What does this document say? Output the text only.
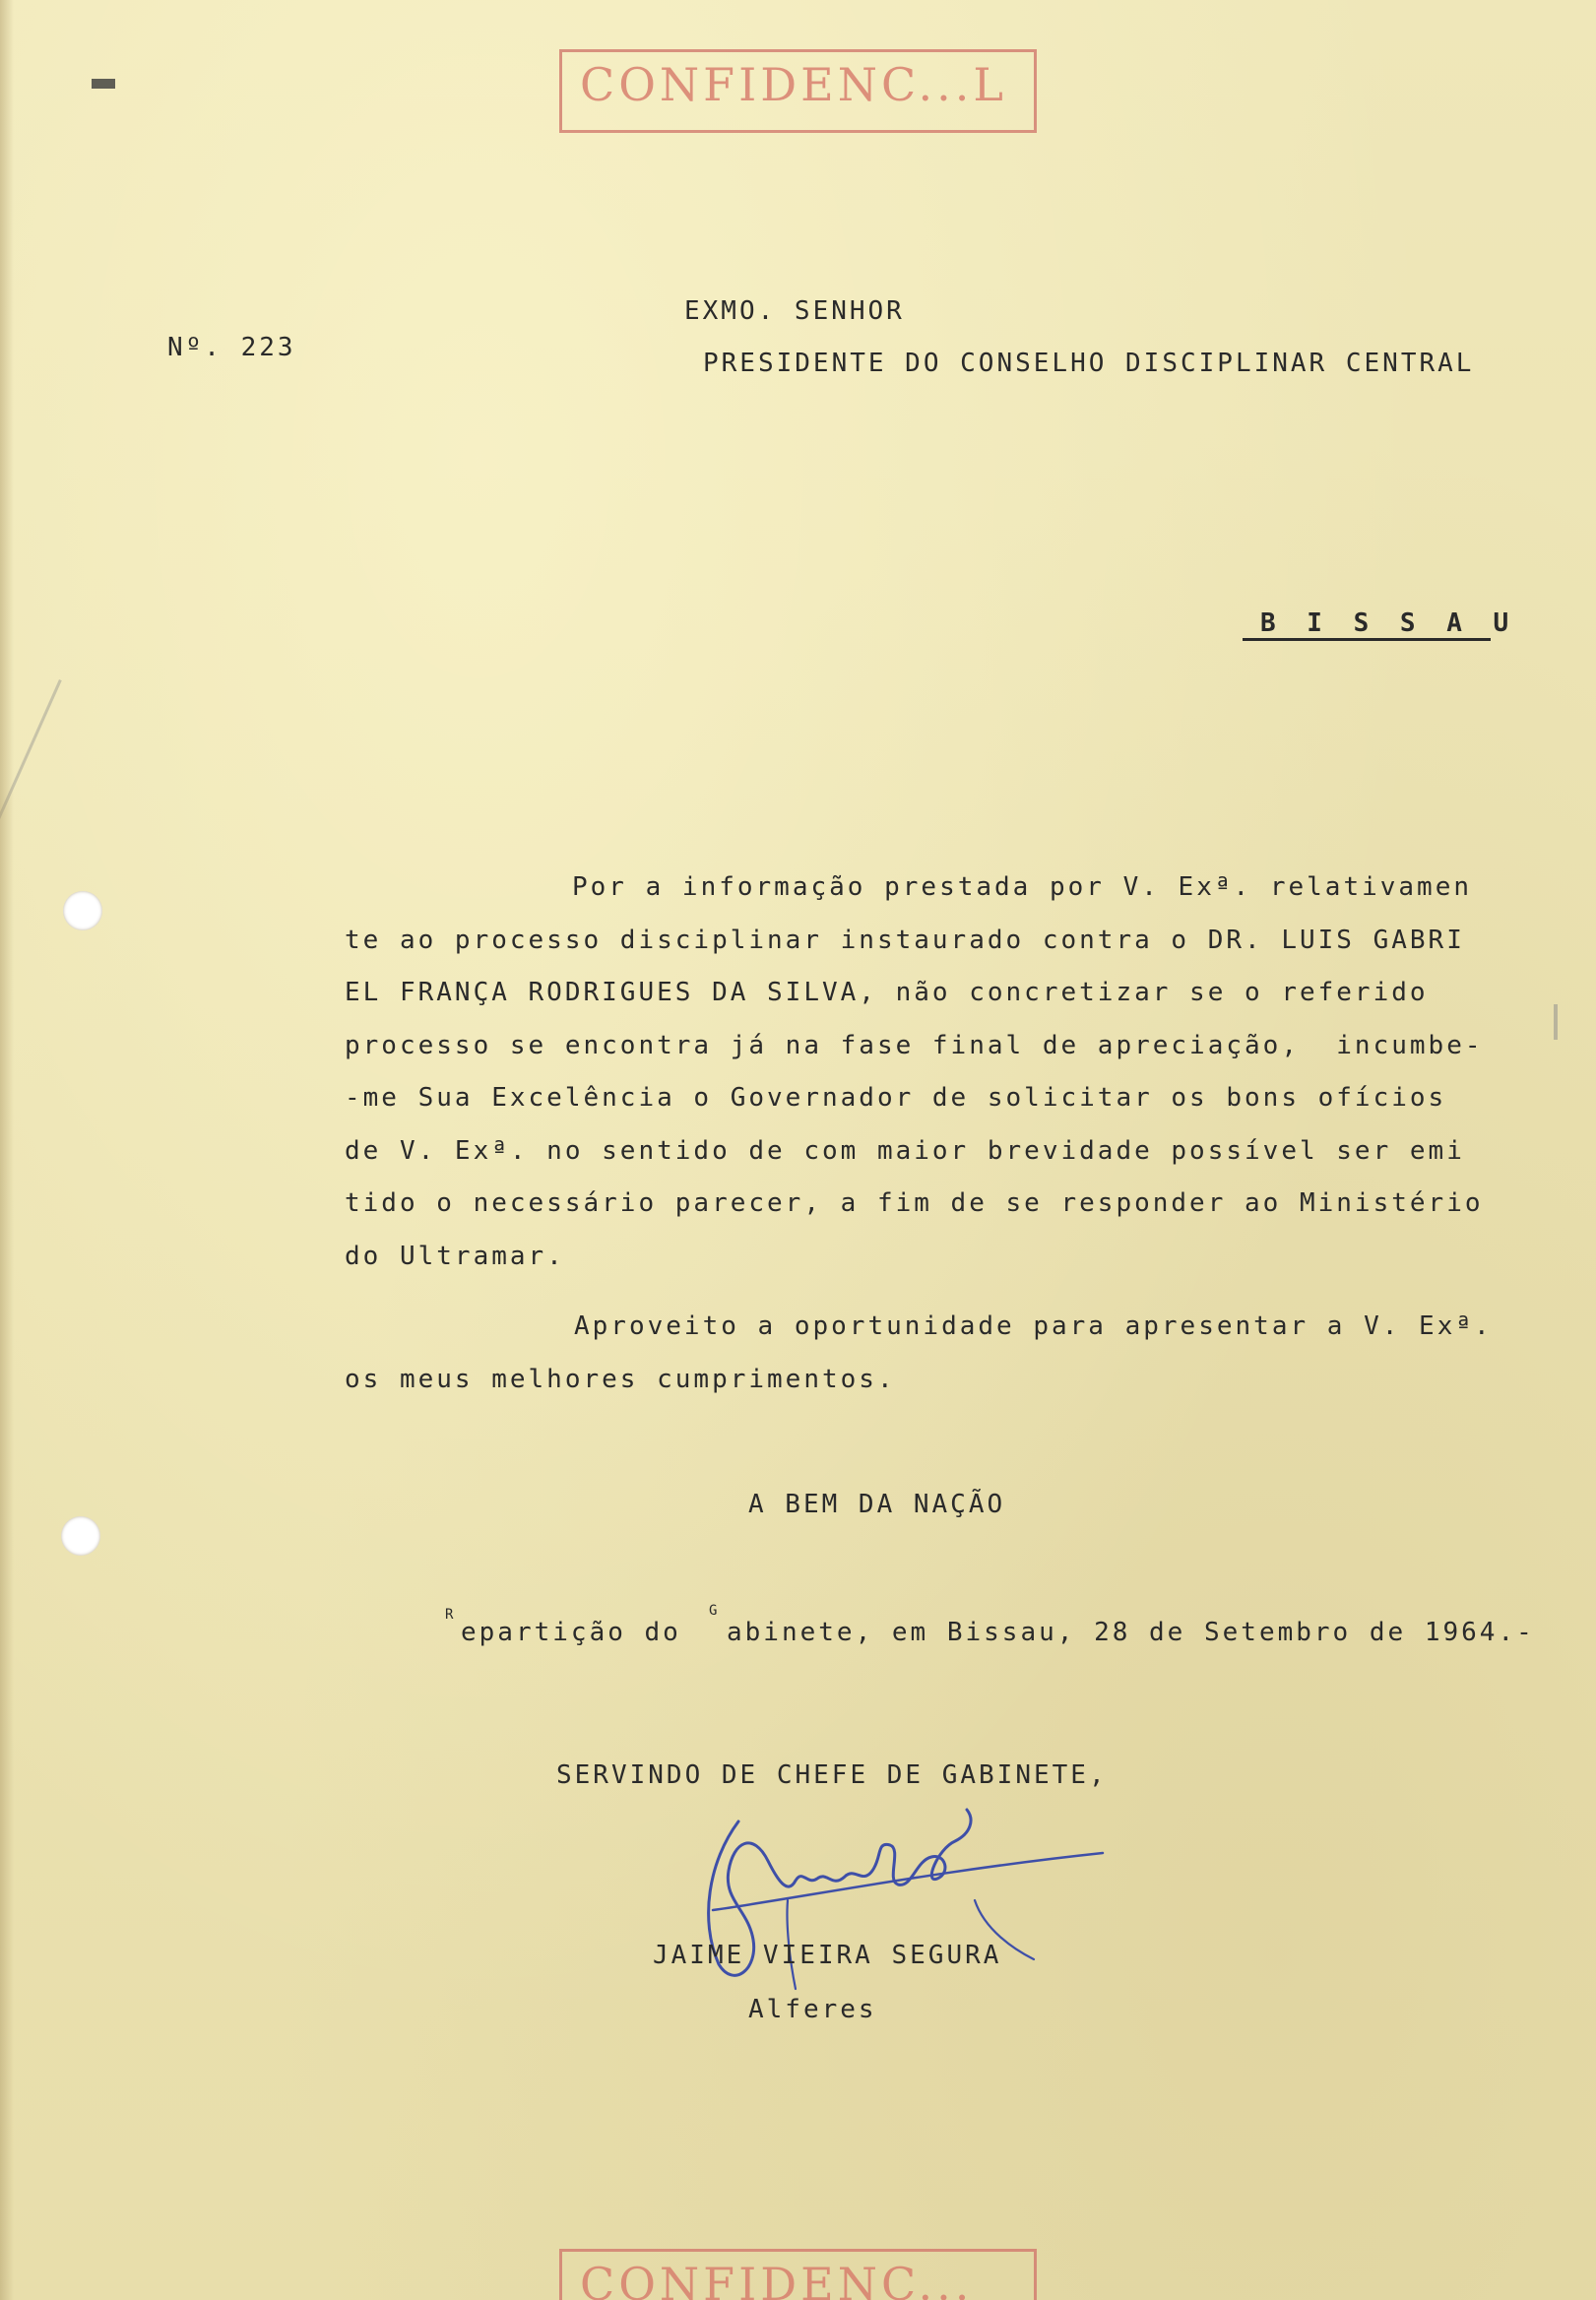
CONFIDENC...L
Nº. 223
EXMO. SENHOR
PRESIDENTE DO CONSELHO DISCIPLINAR CENTRAL
B I S S A U
Por a informação prestada por V. Exª. relativamen
te ao processo disciplinar instaurado contra o DR. LUIS GABRI
EL FRANÇA RODRIGUES DA SILVA, não concretizar se o referido
processo se encontra já na fase final de apreciação,  incumbe-
-me Sua Excelência o Governador de solicitar os bons ofícios
de V. Exª. no sentido de com maior brevidade possível ser emi
tido o necessário parecer, a fim de se responder ao Ministério
do Ultramar.
Aproveito a oportunidade para apresentar a V. Exª.
os meus melhores cumprimentos.
A BEM DA NAÇÃO
R
epartição do
G
abinete, em Bissau, 28 de Setembro de 1964.-
SERVINDO DE CHEFE DE GABINETE,
JAIME VIEIRA SEGURA
Alferes
CONFIDENC...
